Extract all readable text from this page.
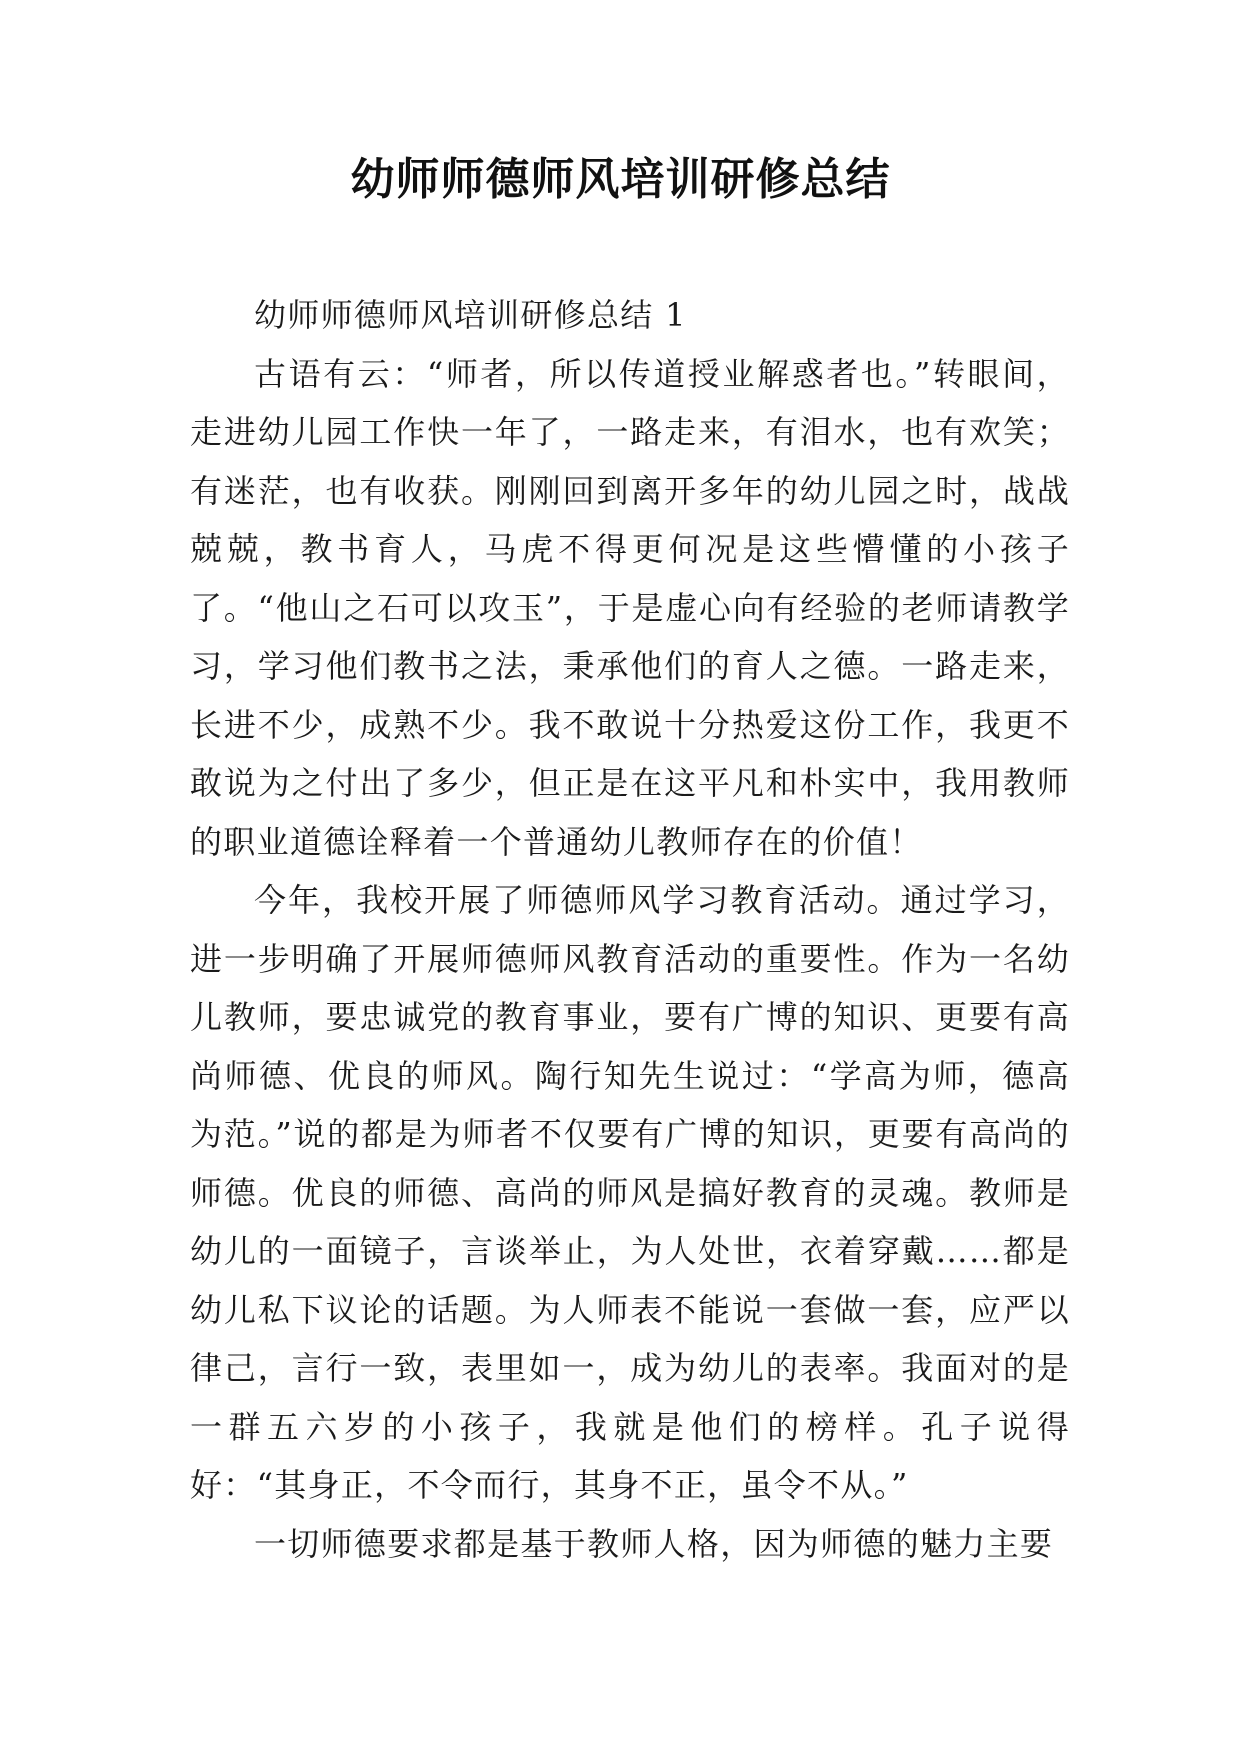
幼师师德师风培训研修总结

幼师师德师风培训研修总结 1

古语有云：“师者，所以传道授业解惑者也。”转眼间，走进幼儿园工作快一年了，一路走来，有泪水，也有欢笑；有迷茫，也有收获。刚刚回到离开多年的幼儿园之时，战战兢兢，教书育人，马虎不得更何况是这些懵懂的小孩子了。“他山之石可以攻玉”，于是虚心向有经验的老师请教学习，学习他们教书之法，秉承他们的育人之德。一路走来，长进不少，成熟不少。我不敢说十分热爱这份工作，我更不敢说为之付出了多少，但正是在这平凡和朴实中，我用教师的职业道德诠释着一个普通幼儿教师存在的价值！

今年，我校开展了师德师风学习教育活动。通过学习，进一步明确了开展师德师风教育活动的重要性。作为一名幼儿教师，要忠诚党的教育事业，要有广博的知识、更要有高尚师德、优良的师风。陶行知先生说过：“学高为师，德高为范。”说的都是为师者不仅要有广博的知识，更要有高尚的师德。优良的师德、高尚的师风是搞好教育的灵魂。教师是幼儿的一面镜子，言谈举止，为人处世，衣着穿戴……都是幼儿私下议论的话题。为人师表不能说一套做一套，应严以律己，言行一致，表里如一，成为幼儿的表率。我面对的是一群五六岁的小孩子，我就是他们的榜样。孔子说得好：“其身正，不令而行，其身不正，虽令不从。”

一切师德要求都是基于教师人格，因为师德的魅力主要
